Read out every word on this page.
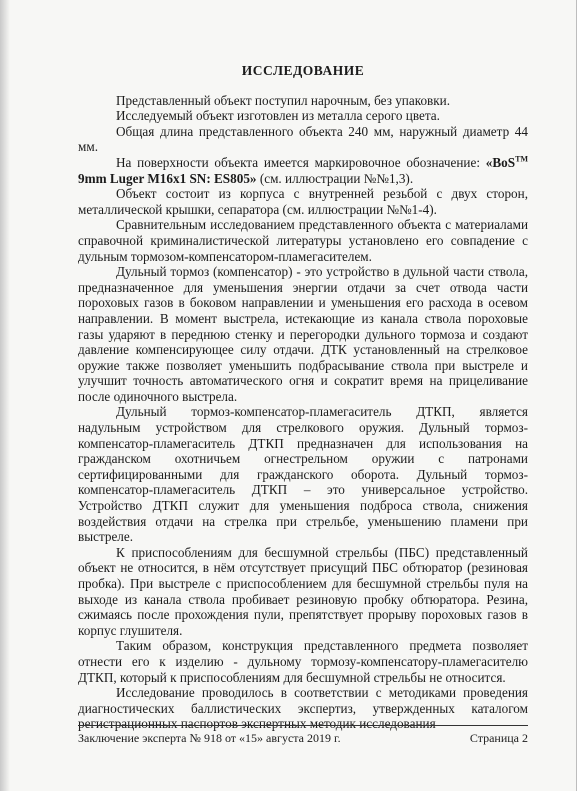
ИССЛЕДОВАНИЕ

Представленный объект поступил нарочным, без упаковки.

Исследуемый объект изготовлен из металла серого цвета.

Общая длина представленного объекта 240 мм, наружный диаметр 44 мм.

На поверхности объекта имеется маркировочное обозначение: «BoS™ 9mm Luger M16x1 SN: ES805» (см. иллюстрации №№1,3).

Объект состоит из корпуса с внутренней резьбой с двух сторон, металлической крышки, сепаратора (см. иллюстрации №№1-4).

Сравнительным исследованием представленного объекта с материалами справочной криминалистической литературы установлено его совпадение с дульным тормозом-компенсатором-пламегасителем.

Дульный тормоз (компенсатор) - это устройство в дульной части ствола, предназначенное для уменьшения энергии отдачи за счет отвода части пороховых газов в боковом направлении и уменьшения его расхода в осевом направлении. В момент выстрела, истекающие из канала ствола пороховые газы ударяют в переднюю стенку и перегородки дульного тормоза и создают давление компенсирующее силу отдачи. ДТК установленный на стрелковое оружие также позволяет уменьшить подбрасывание ствола при выстреле и улучшит точность автоматического огня и сократит время на прицеливание после одиночного выстрела.

Дульный тормоз-компенсатор-пламегаситель ДТКП, является надульным устройством для стрелкового оружия. Дульный тормоз-компенсатор-пламегаситель ДТКП предназначен для использования на гражданском охотничьем огнестрельном оружии с патронами сертифицированными для гражданского оборота. Дульный тормоз-компенсатор-пламегаситель ДТКП – это универсальное устройство. Устройство ДТКП служит для уменьшения подброса ствола, снижения воздействия отдачи на стрелка при стрельбе, уменьшению пламени при выстреле.

К приспособлениям для бесшумной стрельбы (ПБС) представленный объект не относится, в нём отсутствует присущий ПБС обтюратор (резиновая пробка). При выстреле с приспособлением для бесшумной стрельбы пуля на выходе из канала ствола пробивает резиновую пробку обтюратора. Резина, сжимаясь после прохождения пули, препятствует прорыву пороховых газов в корпус глушителя.

Таким образом, конструкция представленного предмета позволяет отнести его к изделию - дульному тормозу-компенсатору-пламегасителю ДТКП, который к приспособлениям для бесшумной стрельбы не относится.

Исследование проводилось в соответствии с методиками проведения диагностических баллистических экспертиз, утвержденных каталогом регистрационных паспортов экспертных методик исследования

Заключение эксперта № 918 от «15» августа 2019 г.	Страница 2
